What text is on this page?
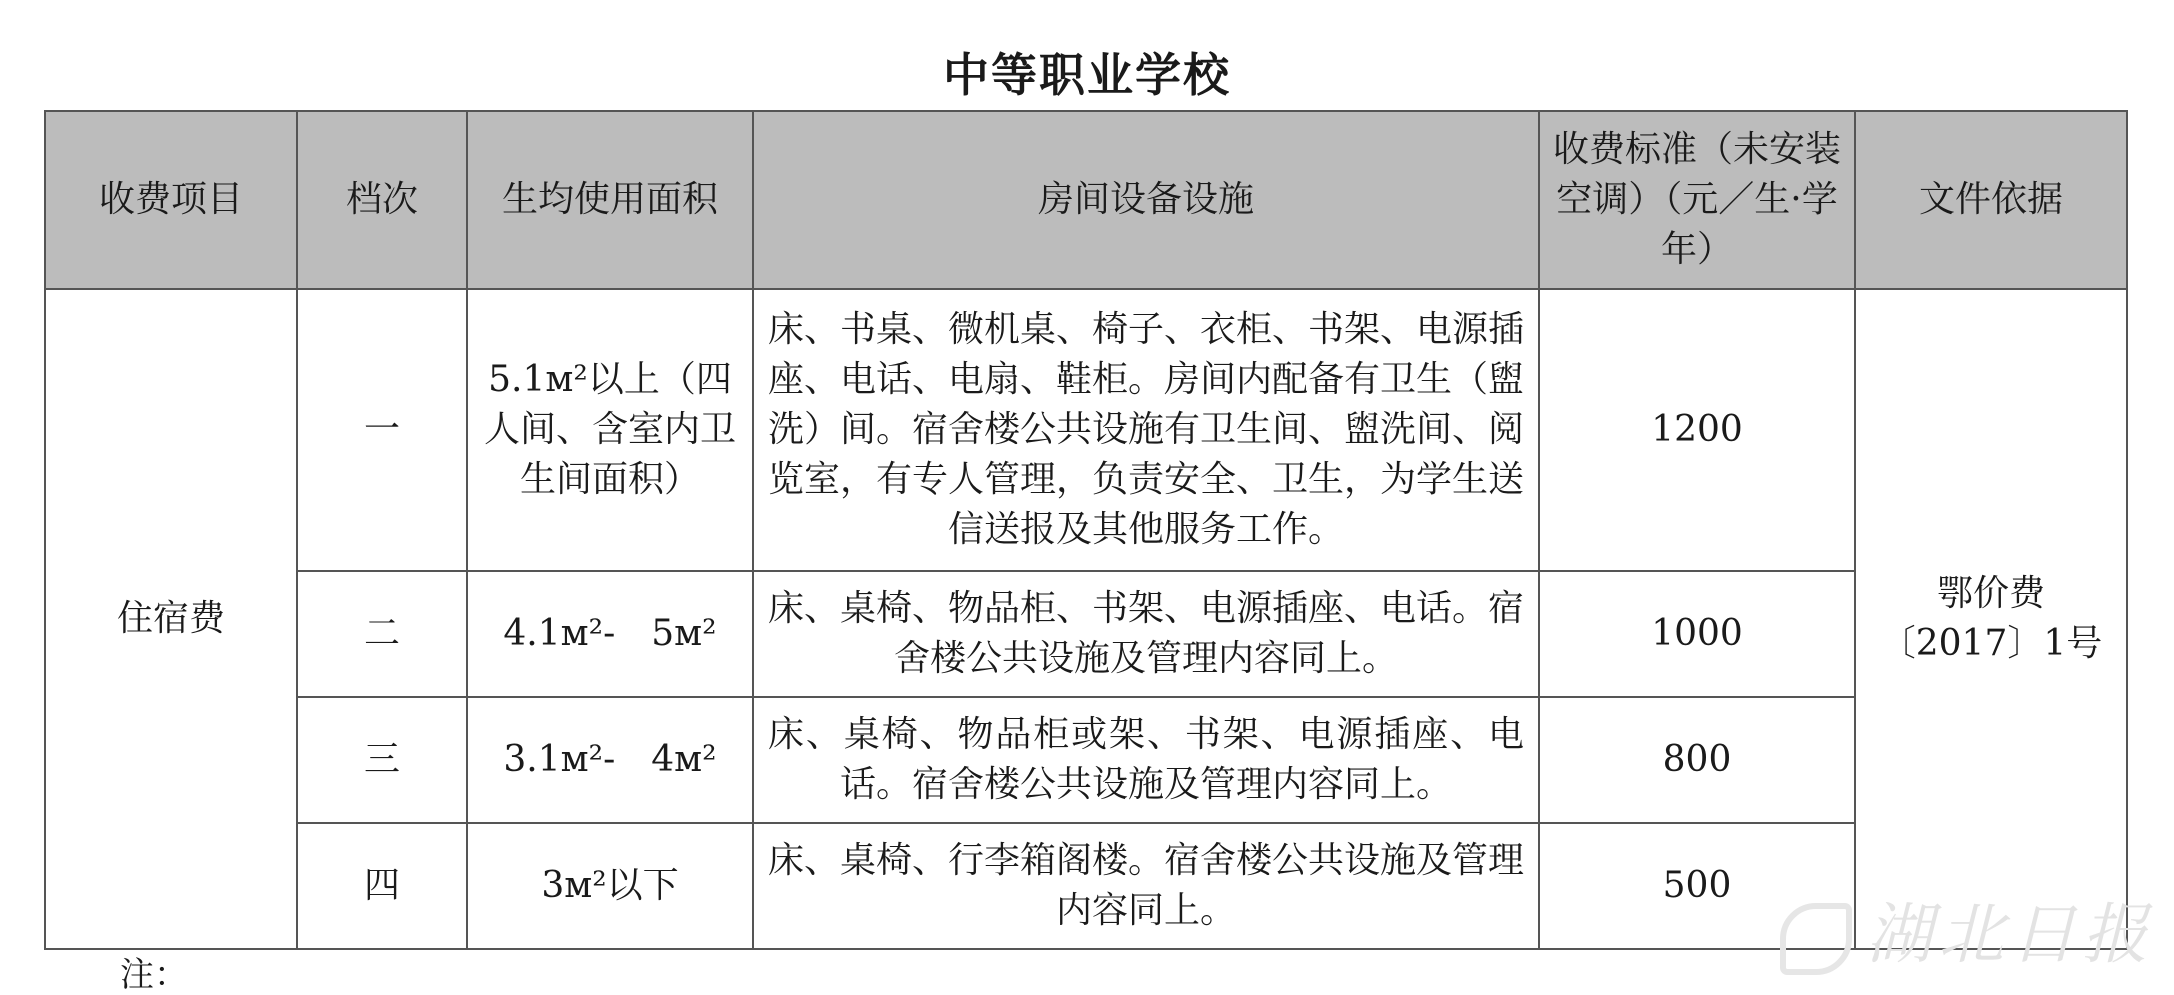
中等职业学校
收费项目	档次	生均使用面积	房间设备设施	收费标准（未安装空调）（元／生·学年）	文件依据
住宿费	一	5.1м²以上（四人间、含室内卫生间面积）	床、书桌、微机桌、椅子、衣柜、书架、电源插座、电话、电扇、鞋柜。房间内配备有卫生（盥洗）间。宿舍楼公共设施有卫生间、盥洗间、阅览室，有专人管理，负责安全、卫生，为学生送信送报及其他服务工作。	1200	鄂价费〔2017〕1号
	二	4.1м²-　5м²	床、桌椅、物品柜、书架、电源插座、电话。宿舍楼公共设施及管理内容同上。	1000	
	三	3.1м²-　4м²	床、桌椅、物品柜或架、书架、电源插座、电话。宿舍楼公共设施及管理内容同上。	800	
	四	3м²以下	床、桌椅、行李箱阁楼。宿舍楼公共设施及管理内容同上。	500	
注：
湖北日报
